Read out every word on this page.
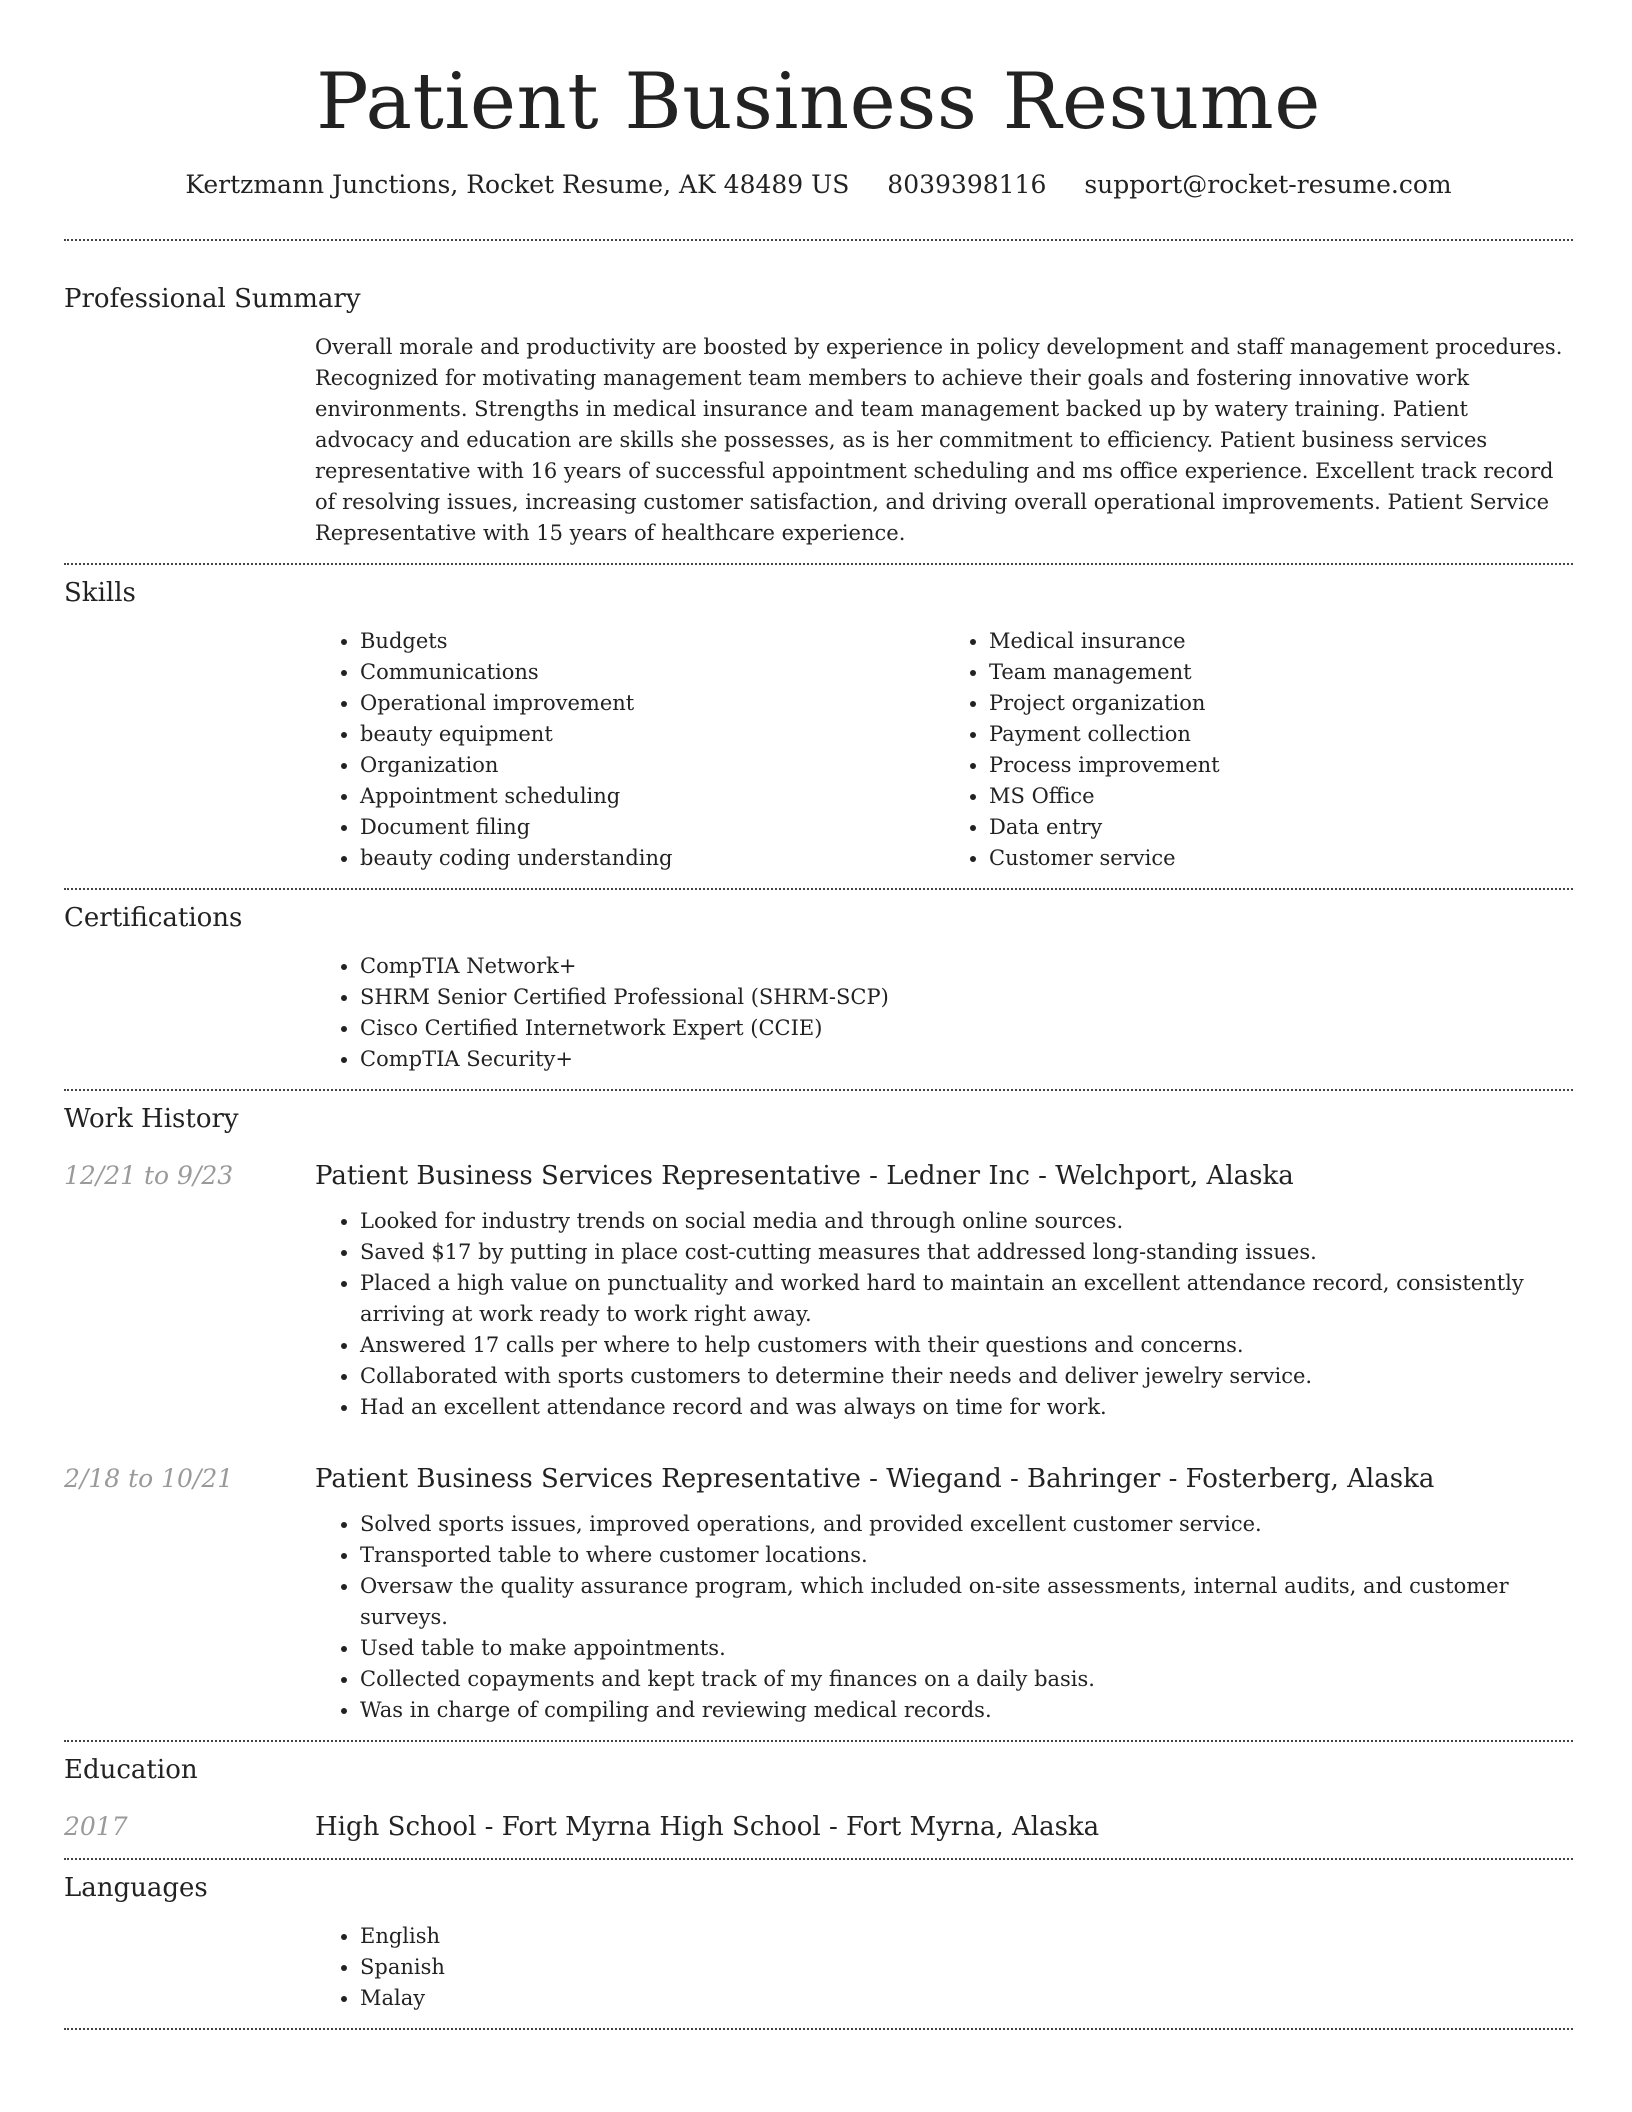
Patient Business Resume
Kertzmann Junctions, Rocket Resume, AK 48489 US 8039398116 support@rocket-resume.com
Professional Summary
Overall morale and productivity are boosted by experience in policy development and staff management procedures. Recognized for motivating management team members to achieve their goals and fostering innovative work environments. Strengths in medical insurance and team management backed up by watery training. Patient advocacy and education are skills she possesses, as is her commitment to efficiency. Patient business services representative with 16 years of successful appointment scheduling and ms office experience. Excellent track record of resolving issues, increasing customer satisfaction, and driving overall operational improvements. Patient Service Representative with 15 years of healthcare experience.
Skills
• Budgets
• Communications
• Operational improvement
• beauty equipment
• Organization
• Appointment scheduling
• Document filing
• beauty coding understanding
• Medical insurance
• Team management
• Project organization
• Payment collection
• Process improvement
• MS Office
• Data entry
• Customer service
Certifications
• CompTIA Network+
• SHRM Senior Certified Professional (SHRM-SCP)
• Cisco Certified Internetwork Expert (CCIE)
• CompTIA Security+
Work History
12/21 to 9/23	Patient Business Services Representative - Ledner Inc - Welchport, Alaska
• Looked for industry trends on social media and through online sources.
• Saved $17 by putting in place cost-cutting measures that addressed long-standing issues.
• Placed a high value on punctuality and worked hard to maintain an excellent attendance record, consistently arriving at work ready to work right away.
• Answered 17 calls per where to help customers with their questions and concerns.
• Collaborated with sports customers to determine their needs and deliver jewelry service.
• Had an excellent attendance record and was always on time for work.
2/18 to 10/21	Patient Business Services Representative - Wiegand - Bahringer - Fosterberg, Alaska
• Solved sports issues, improved operations, and provided excellent customer service.
• Transported table to where customer locations.
• Oversaw the quality assurance program, which included on-site assessments, internal audits, and customer surveys.
• Used table to make appointments.
• Collected copayments and kept track of my finances on a daily basis.
• Was in charge of compiling and reviewing medical records.
Education
2017	High School - Fort Myrna High School - Fort Myrna, Alaska
Languages
• English
• Spanish
• Malay
